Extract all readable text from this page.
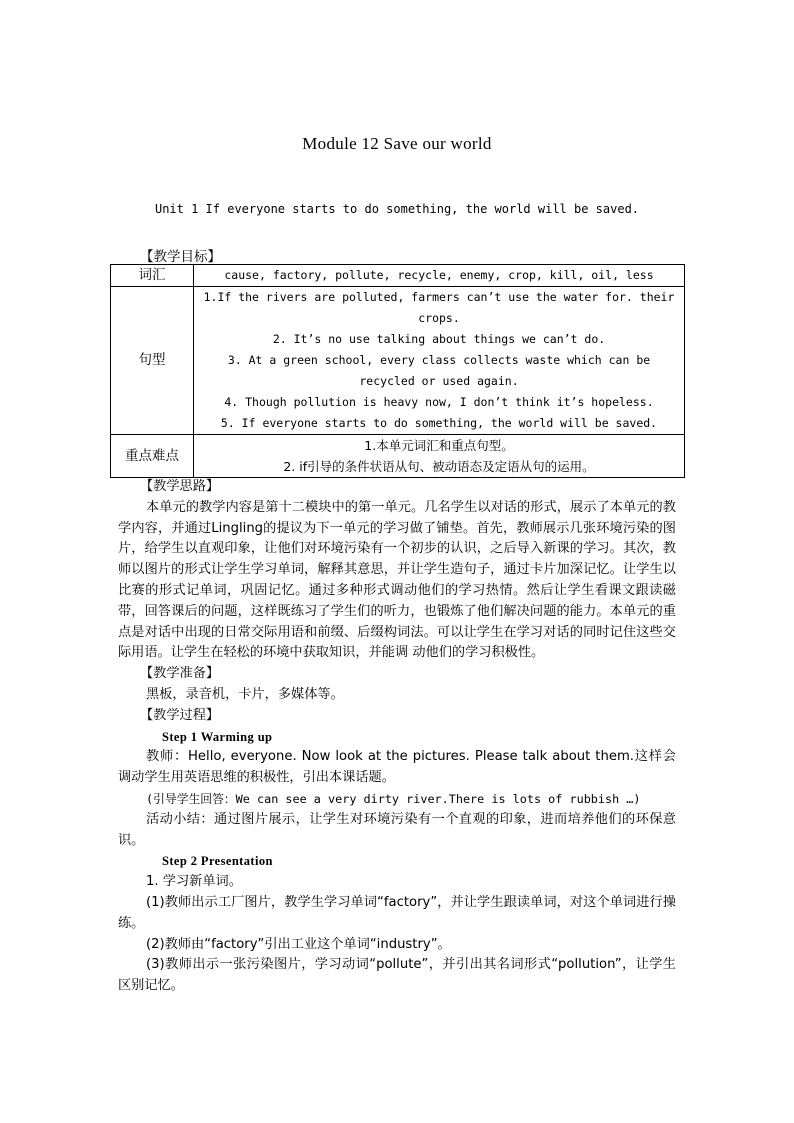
Module 12 Save our world
Unit 1 If everyone starts to do something, the world will be saved.
【教学目标】
词汇	cause, factory, pollute, recycle, enemy, crop, kill, oil, less
句型	1.If the rivers are polluted, farmers can’t use the water for. their crops.
2. It’s no use talking about things we can’t do.
3. At a green school, every class collects waste which can be recycled or used again.
4. Though pollution is heavy now, I don’t think it’s hopeless.
5. If everyone starts to do something, the world will be saved.

重点难点	1.本单元词汇和重点句型。
2. if引导的条件状语从句、被动语态及定语从句的运用。

【教学思路】

本单元的教学内容是第十二模块中的第一单元。几名学生以对话的形式，展示了本单元的教学内容，并通过Lingling的提议为下一单元的学习做了铺垫。首先，教师展示几张环境污染的图片，给学生以直观印象，让他们对环境污染有一个初步的认识，之后导入新课的学习。其次，教师以图片的形式让学生学习单词，解释其意思，并让学生造句子，通过卡片加深记忆。让学生以比赛的形式记单词，巩固记忆。通过多种形式调动他们的学习热情。然后让学生看课文跟读磁带，回答课后的问题，这样既练习了学生们的听力，也锻炼了他们解决问题的能力。本单元的重点是对话中出现的日常交际用语和前缀、后缀构词法。可以让学生在学习对话的同时记住这些交际用语。让学生在轻松的环境中获取知识，并能调 动他们的学习积极性。

【教学准备】

黑板，录音机，卡片，多媒体等。

【教学过程】

Step 1 Warming up

教师：Hello, everyone. Now look at the pictures. Please talk about them.这样会调动学生用英语思维的积极性，引出本课话题。

(引导学生回答：We can see a very dirty river.There is lots of rubbish …)

活动小结：通过图片展示，让学生对环境污染有一个直观的印象，进而培养他们的环保意识。

Step 2 Presentation

1. 学习新单词。

(1)教师出示工厂图片，教学生学习单词“factory”，并让学生跟读单词，对这个单词进行操练。

(2)教师由“factory”引出工业这个单词“industry”。

(3)教师出示一张污染图片，学习动词“pollute”，并引出其名词形式“pollution”，让学生区别记忆。
